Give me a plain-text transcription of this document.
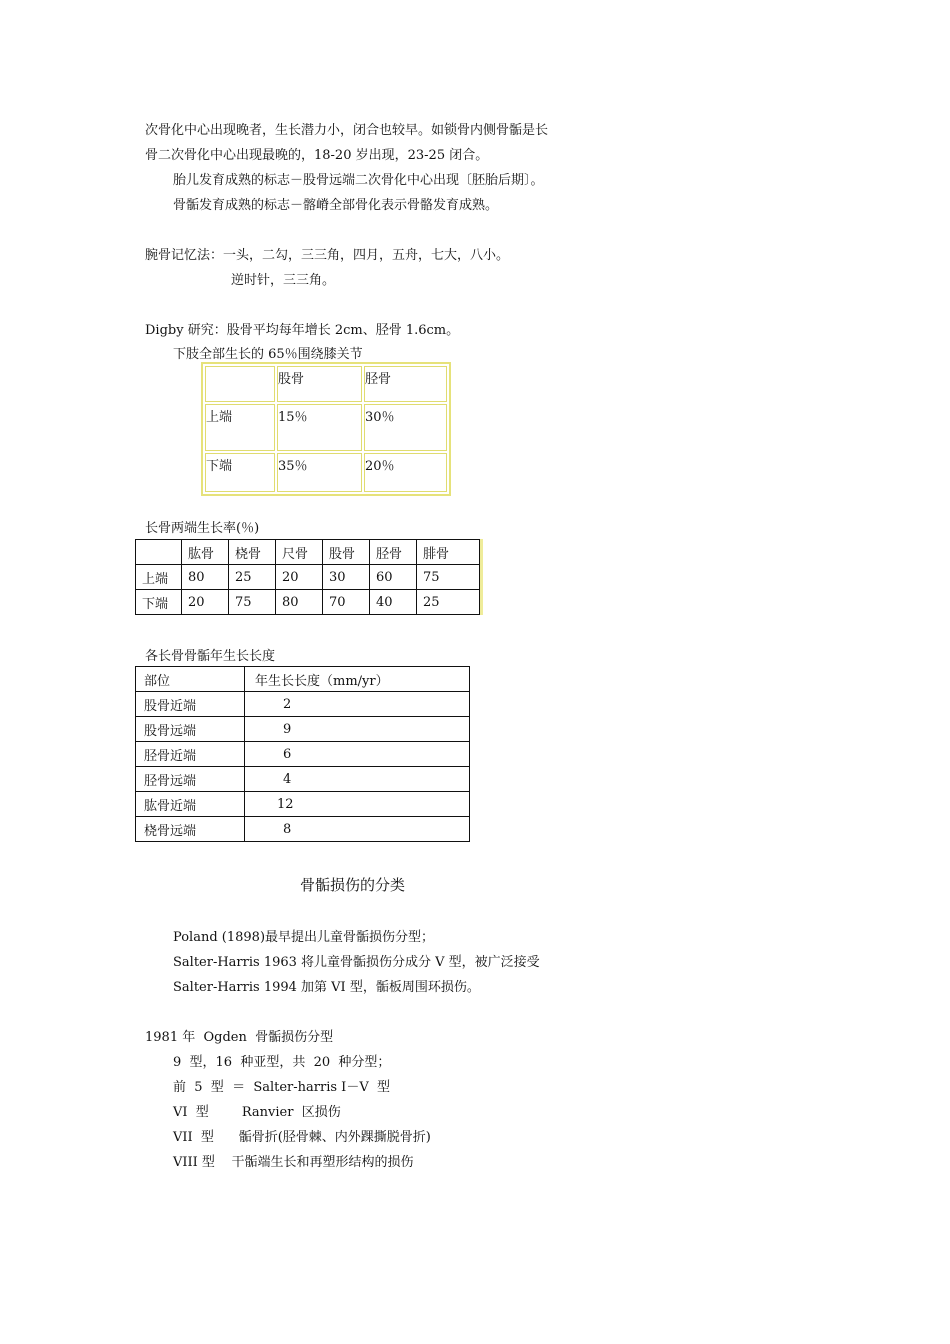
次骨化中心出现晚者，生长潜力小，闭合也较早。如锁骨内侧骨骺是长
骨二次骨化中心出现最晚的，18-20 岁出现，23-25 闭合。
胎儿发育成熟的标志－股骨远端二次骨化中心出现〔胚胎后期〕。
骨骺发育成熟的标志－髂嵴全部骨化表示骨骼发育成熟。
腕骨记忆法：一头，二勾，三三角，四月，五舟，七大，八小。
逆时针，三三角。
Digby 研究：股骨平均每年增长 2cm、胫骨 1.6cm。
下肢全部生长的 65％围绕膝关节
	股骨	胫骨
上端	15％	30％
下端	35％	20％
长骨两端生长率(％)
	肱骨	桡骨	尺骨	股骨	胫骨	腓骨
上端	80	25	20	30	60	75
下端	20	75	80	70	40	25
各长骨骨骺年生长长度
部位	年生长长度（mm/yr）
股骨近端	2
股骨远端	9
胫骨近端	6
胫骨远端	4
肱骨近端	12
桡骨远端	8
骨骺损伤的分类
Poland (1898)最早提出儿童骨骺损伤分型；
Salter-Harris 1963 将儿童骨骺损伤分成分 V 型，被广泛接受
Salter-Harris 1994 加第 VI 型，骺板周围环损伤。
1981 年  Ogden  骨骺损伤分型
9  型，16  种亚型，共  20  种分型；
前  5  型  ＝  Salter-harris I－V  型
VI  型        Ranvier  区损伤
VII  型      骺骨折(胫骨棘、内外踝撕脱骨折)
VIII 型    干骺端生长和再塑形结构的损伤
